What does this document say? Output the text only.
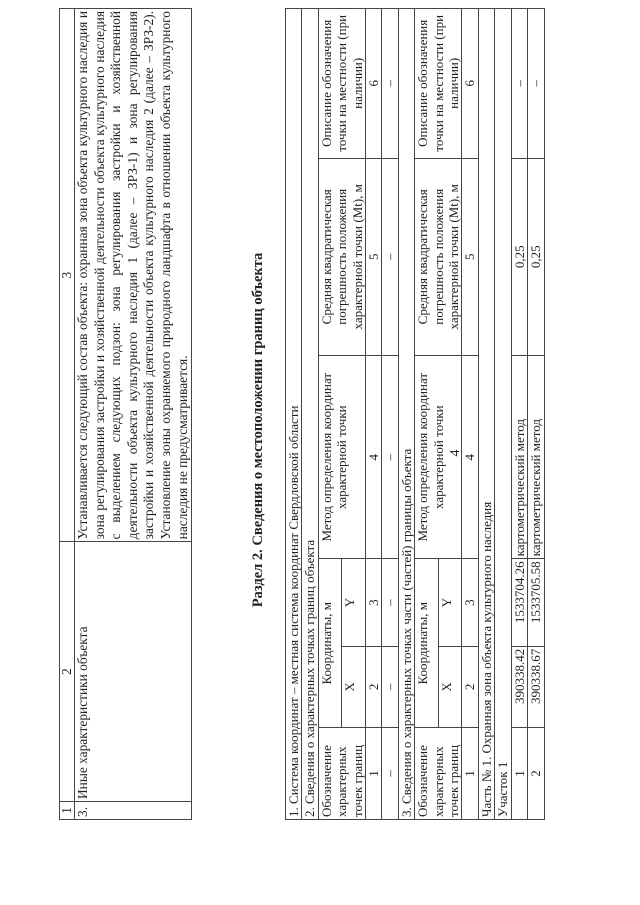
4
1	2	3
3.	Иные характеристики объекта	Устанавливается следующий состав объекта: охранная зона объекта культурного наследия и зона регулирования застройки и хозяйственной деятельности объекта культурного наследия с выделением следующих подзон: зона регулирования застройки и хозяйственной деятельности объекта культурного наследия 1 (далее – ЗРЗ-1) и зона регулирования застройки и хозяйственной деятельности объекта культурного наследия 2 (далее – ЗРЗ-2). Установление зоны охраняемого природного ландшафта в отношении объекта культурного наследия не предусматривается.	Раздел 2. Сведения о местоположении границ объекта 1. Система координат – местная система координат Свердловской области					
2. Сведения о характерных точках границ объекта					
Обозначение характерных точек границ	Координаты, м		Метод определения координат характерной точки	Средняя квадратическая погрешность положения характерной точки (Mt), м	Описание обозначения точки на местности (при наличии)
	X	Y			
1	2	3	4	5	6
–	–	–	–	–	–
3. Сведения о характерных точках части (частей) границы объекта					
Обозначение характерных точек границ	Координаты, м		Метод определения координат характерной точки	Средняя квадратическая погрешность положения характерной точки (Mt), м	Описание обозначения точки на местности (при наличии)
	X	Y			
1	2	3	4	5	6
Часть № 1. Охранная зона объекта культурного наследия					
Участок 1					
1	390338.42	1533704.26	картометрический метод	0,25	–
2	390338.67	1533705.58	картометрический метод	0,25	–
